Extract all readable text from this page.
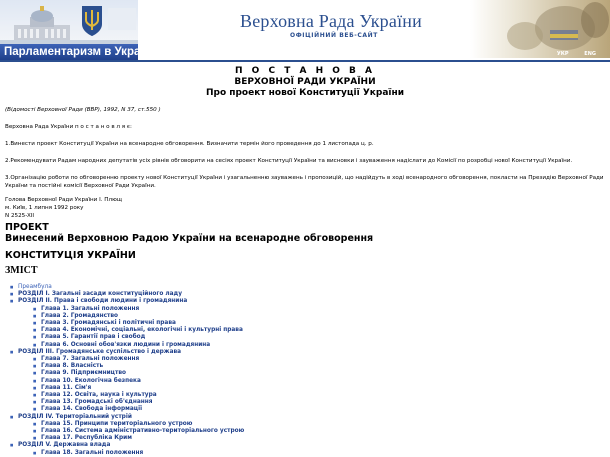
Верховна Рада України
ОФІЦІЙНИЙ ВЕБ-САЙТ
Парламентаризм в Україні	УКР	ENG
П О С Т А Н О В А
ВЕРХОВНОЇ РАДИ УКРАЇНИ
Про проект нової Конституції України
(Відомості Верховної Ради (ВВР), 1992, N 37, ст.550 )
Верховна Рада України п о с т а н о в л я є:
1.Винести проект Конституції України на всенародне обговорення. Визначити термін його проведення до 1 листопада ц. р.
2.Рекомендувати Радам народних депутатів усіх рівнів обговорити на сесіях проект Конституції України та висновки і зауваження надіслати до Комісії по розробці нової Конституції України.
3.Організацію роботи по обговоренню проекту нової Конституції України і узагальненню зауважень і пропозицій, що надійдуть в ході всенародного обговорення, покласти на Президію Верховної Ради України та постійні комісії Верховної Ради України.
Голова Верховної Ради України І. Плющ
м. Київ, 1 липня 1992 року
N 2525-XII
ПРОЕКТ
Винесений Верховною Радою України на всенародне обговорення
КОНСТИТУЦІЯ УКРАЇНИ
ЗМІСТ
■ Преамбула
■ РОЗДІЛ І. Загальні засади конституційного ладу
■ РОЗДІЛ ІІ. Права і свободи людини і громадянина
■ Глава 1. Загальні положення
■ Глава 2. Громадянство
■ Глава 3. Громадянські і політичні права
■ Глава 4. Економічні, соціальні, екологічні і культурні права
■ Глава 5. Гарантії прав і свобод
■ Глава 6. Основні обов'язки людини і громадянина
■ РОЗДІЛ ІІІ. Громадянське суспільство і держава
■ Глава 7. Загальні положення
■ Глава 8. Власність
■ Глава 9. Підприємництво
■ Глава 10. Екологічна безпека
■ Глава 11. Сім'я
■ Глава 12. Освіта, наука і культура
■ Глава 13. Громадські об'єднання
■ Глава 14. Свобода інформації
■ РОЗДІЛ IV. Територіальний устрій
■ Глава 15. Принципи територіального устрою
■ Глава 16. Система адміністративно-територіального устрою
■ Глава 17. Республіка Крим
■ РОЗДІЛ V. Державна влада
■ Глава 18. Загальні положення
